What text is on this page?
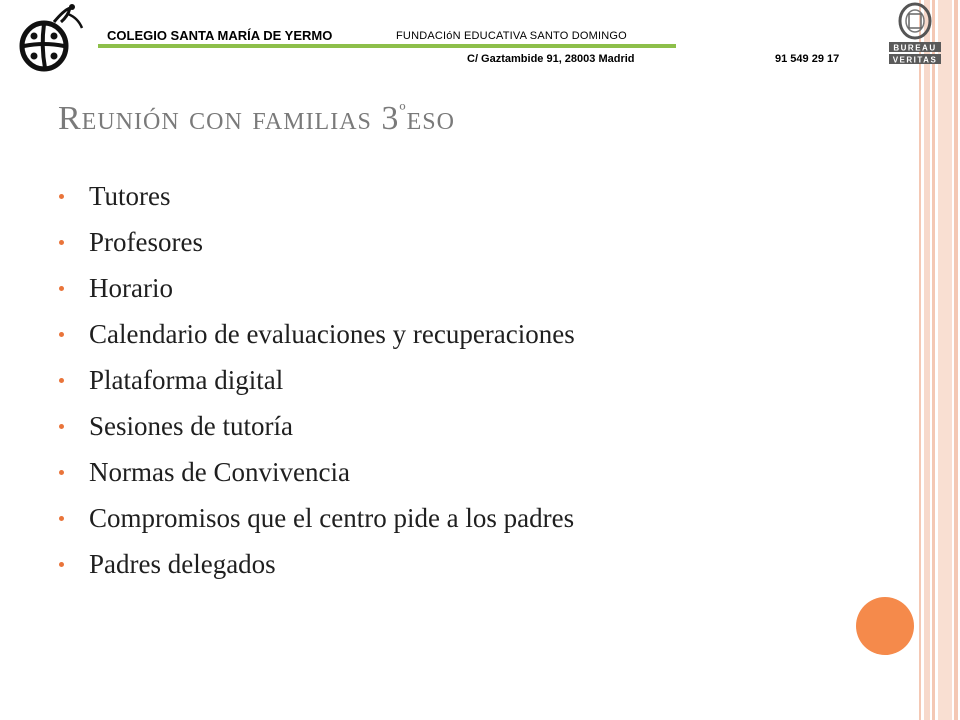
COLEGIO SANTA MARÍA DE YERMO	FUNDACIóN EDUCATIVA SANTO DOMINGO
C/ Gaztambide 91, 28003 Madrid	91 549 29 17
BUREAU
VERITAS
Reunión con familias $3^ºeso$
Tutores
Profesores
Horario
Calendario de evaluaciones y recuperaciones
Plataforma digital
Sesiones de tutoría
Normas de Convivencia
Compromisos que el centro pide a los padres
Padres delegados
